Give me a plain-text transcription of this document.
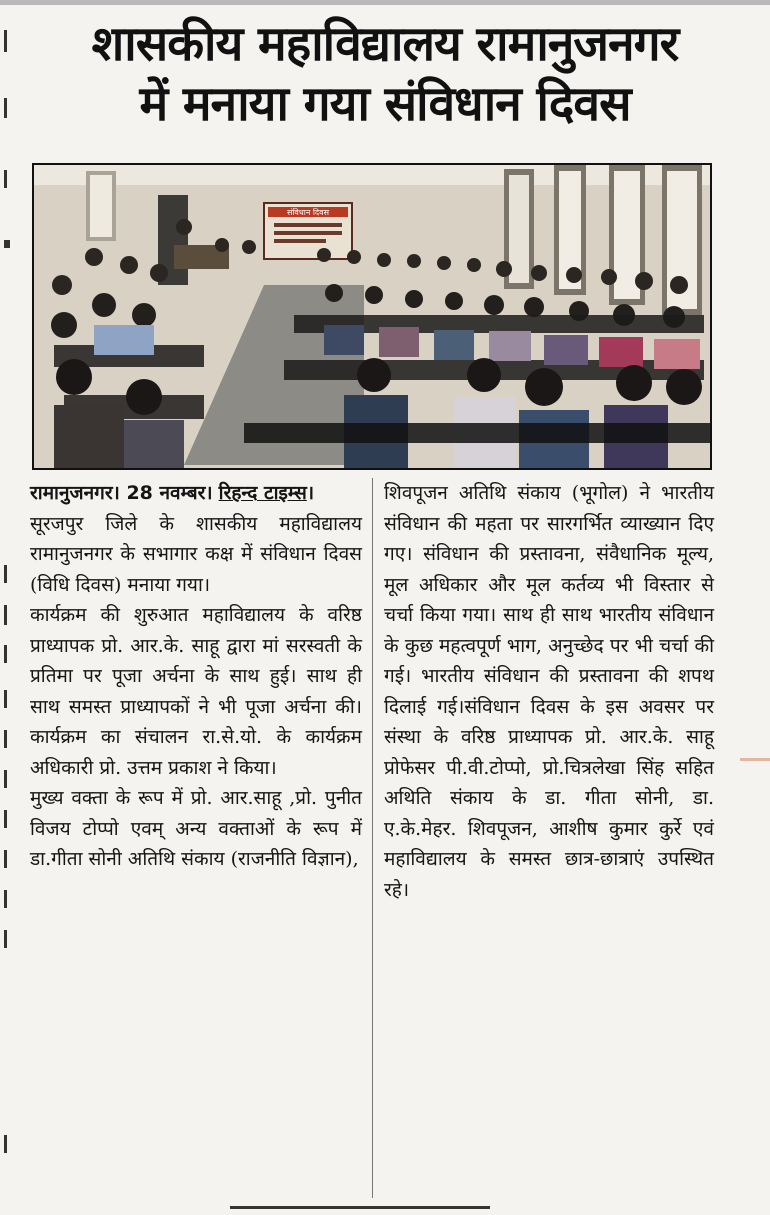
शासकीय महाविद्यालय रामानुजनगर
में मनाया गया संविधान दिवस
संविधान दिवस

रामानुजनगर। 28 नवम्बर। रिहन्द टाइम्स।

सूरजपुर जिले के शासकीय महाविद्यालय रामानुजनगर के सभागार कक्ष में संविधान दिवस (विधि दिवस) मनाया गया।

कार्यक्रम की शुरुआत महाविद्यालय के वरिष्ठ प्राध्यापक प्रो. आर.के. साहू द्वारा मां सरस्वती के प्रतिमा पर पूजा अर्चना के साथ हुई। साथ ही साथ समस्त प्राध्यापकों ने भी पूजा अर्चना की। कार्यक्रम का संचालन रा.से.यो. के कार्यक्रम अधिकारी प्रो. उत्तम प्रकाश ने किया।

मुख्य वक्ता के रूप में प्रो. आर.साहू ,प्रो. पुनीत विजय टोप्पो एवम् अन्य वक्ताओं के रूप में डा.गीता सोनी अतिथि संकाय (राजनीति विज्ञान),

शिवपूजन अतिथि संकाय (भूगोल) ने भारतीय संविधान की महता पर सारगर्भित व्याख्यान दिए गए। संविधान की प्रस्तावना, संवैधानिक मूल्य, मूल अधिकार और मूल कर्तव्य भी विस्तार से चर्चा किया गया। साथ ही साथ भारतीय संविधान के कुछ महत्वपूर्ण भाग, अनुच्छेद पर भी चर्चा की गई। भारतीय संविधान की प्रस्तावना की शपथ दिलाई गई।संविधान दिवस के इस अवसर पर संस्था के वरिष्ठ प्राध्यापक प्रो. आर.के. साहू प्रोफेसर पी.वी.टोप्पो, प्रो.चित्रलेखा सिंह सहित अथिति संकाय के डा. गीता सोनी, डा. ए.के.मेहर. शिवपूजन, आशीष कुमार कुर्रे एवं महाविद्यालय के समस्त छात्र-छात्राएं उपस्थित रहे।
